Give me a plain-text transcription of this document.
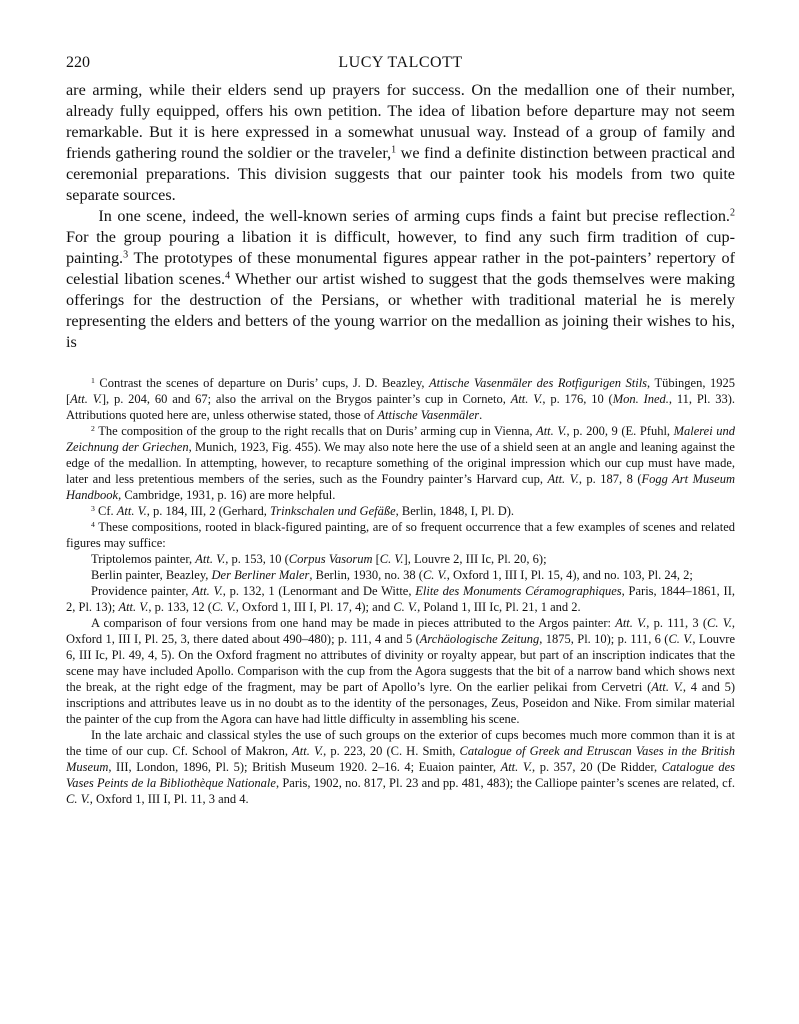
220	LUCY TALCOTT

are arming, while their elders send up prayers for success. On the medallion one of their number, already fully equipped, offers his own petition. The idea of libation before departure may not seem remarkable. But it is here expressed in a somewhat unusual way. Instead of a group of family and friends gathering round the soldier or the traveler,$^1$ we find a definite distinction between practical and ceremonial preparations. This division suggests that our painter took his models from two quite separate sources.

In one scene, indeed, the well-known series of arming cups finds a faint but precise reflection.$^2$ For the group pouring a libation it is difficult, however, to find any such firm tradition of cup-painting.$^3$ The prototypes of these monumental figures appear rather in the pot-painters’ repertory of celestial libation scenes.$^4$ Whether our artist wished to suggest that the gods themselves were making offerings for the destruction of the Persians, or whether with traditional material he is merely representing the elders and betters of the young warrior on the medallion as joining their wishes to his, is

$^1$ Contrast the scenes of departure on Duris’ cups, J. D. Beazley, Attische Vasenmäler des Rotfigurigen Stils, Tübingen, 1925 [Att. V.], p. 204, 60 and 67; also the arrival on the Brygos painter’s cup in Corneto, Att. V., p. 176, 10 (Mon. Ined., 11, Pl. 33). Attributions quoted here are, unless otherwise stated, those of Attische Vasenmäler.

$^2$ The composition of the group to the right recalls that on Duris’ arming cup in Vienna, Att. V., p. 200, 9 (E. Pfuhl, Malerei und Zeichnung der Griechen, Munich, 1923, Fig. 455). We may also note here the use of a shield seen at an angle and leaning against the edge of the medallion. In attempting, however, to recapture something of the original impression which our cup must have made, later and less pretentious members of the series, such as the Foundry painter’s Harvard cup, Att. V., p. 187, 8 (Fogg Art Museum Handbook, Cambridge, 1931, p. 16) are more helpful.

$^3$ Cf. Att. V., p. 184, III, 2 (Gerhard, Trinkschalen und Gefäße, Berlin, 1848, I, Pl. D).

$^4$ These compositions, rooted in black-figured painting, are of so frequent occurrence that a few examples of scenes and related figures may suffice:

Triptolemos painter, Att. V., p. 153, 10 (Corpus Vasorum [C. V.], Louvre 2, III Ic, Pl. 20, 6);

Berlin painter, Beazley, Der Berliner Maler, Berlin, 1930, no. 38 (C. V., Oxford 1, III I, Pl. 15, 4), and no. 103, Pl. 24, 2;

Providence painter, Att. V., p. 132, 1 (Lenormant and De Witte, Elite des Monuments Céramographiques, Paris, 1844–1861, II, 2, Pl. 13); Att. V., p. 133, 12 (C. V., Oxford 1, III I, Pl. 17, 4); and C. V., Poland 1, III Ic, Pl. 21, 1 and 2.

A comparison of four versions from one hand may be made in pieces attributed to the Argos painter: Att. V., p. 111, 3 (C. V., Oxford 1, III I, Pl. 25, 3, there dated about 490–480); p. 111, 4 and 5 (Archäologische Zeitung, 1875, Pl. 10); p. 111, 6 (C. V., Louvre 6, III Ic, Pl. 49, 4, 5). On the Oxford fragment no attributes of divinity or royalty appear, but part of an inscription indicates that the scene may have included Apollo. Comparison with the cup from the Agora suggests that the bit of a narrow band which shows next the break, at the right edge of the fragment, may be part of Apollo’s lyre. On the earlier pelikai from Cervetri (Att. V., 4 and 5) inscriptions and attributes leave us in no doubt as to the identity of the personages, Zeus, Poseidon and Nike. From similar material the painter of the cup from the Agora can have had little difficulty in assembling his scene.

In the late archaic and classical styles the use of such groups on the exterior of cups becomes much more common than it is at the time of our cup. Cf. School of Makron, Att. V., p. 223, 20 (C. H. Smith, Catalogue of Greek and Etruscan Vases in the British Museum, III, London, 1896, Pl. 5); British Museum 1920. 2–16. 4; Euaion painter, Att. V., p. 357, 20 (De Ridder, Catalogue des Vases Peints de la Bibliothèque Nationale, Paris, 1902, no. 817, Pl. 23 and pp. 481, 483); the Calliope painter’s scenes are related, cf. C. V., Oxford 1, III I, Pl. 11, 3 and 4.
